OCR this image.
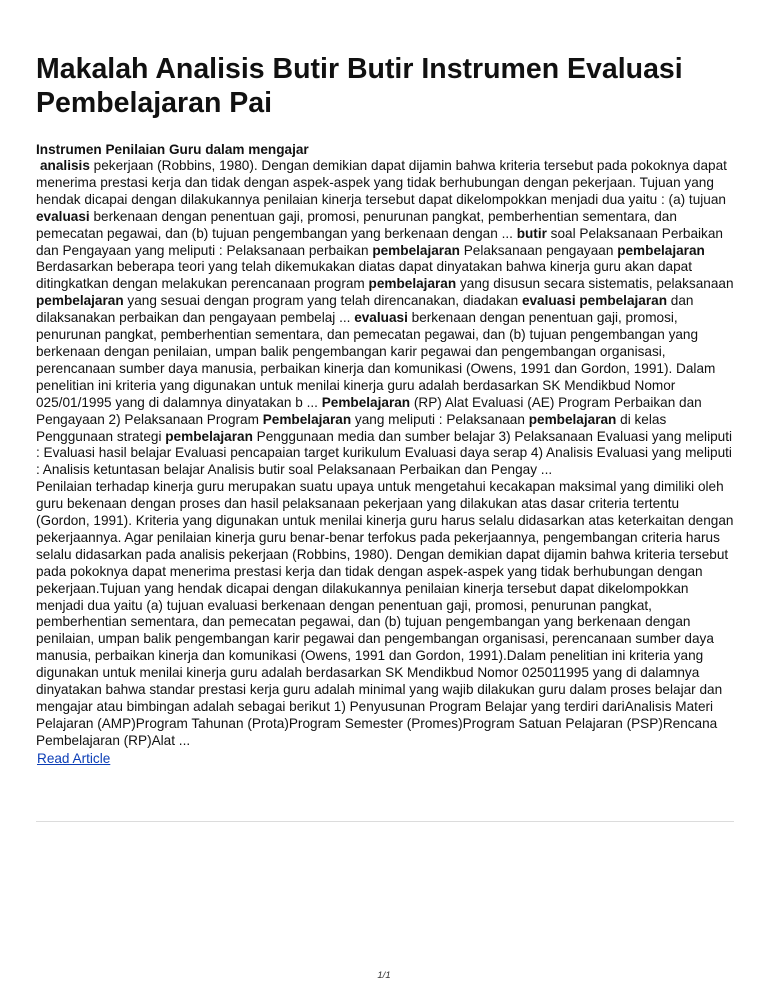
Makalah Analisis Butir Butir Instrumen Evaluasi Pembelajaran Pai
Instrumen Penilaian Guru dalam mengajar

analisis pekerjaan (Robbins, 1980). Dengan demikian dapat dijamin bahwa kriteria tersebut pada pokoknya dapat menerima prestasi kerja dan tidak dengan aspek-aspek yang tidak berhubungan dengan pekerjaan. Tujuan yang hendak dicapai dengan dilakukannya penilaian kinerja tersebut dapat dikelompokkan menjadi dua yaitu : (a) tujuan evaluasi berkenaan dengan penentuan gaji, promosi, penurunan pangkat, pemberhentian sementara, dan pemecatan pegawai, dan (b) tujuan pengembangan yang berkenaan dengan ... butir soal Pelaksanaan Perbaikan dan Pengayaan yang meliputi : Pelaksanaan perbaikan pembelajaran Pelaksanaan pengayaan pembelajaran Berdasarkan beberapa teori yang telah dikemukakan diatas dapat dinyatakan bahwa kinerja guru akan dapat ditingkatkan dengan melakukan perencanaan program pembelajaran yang disusun secara sistematis, pelaksanaan pembelajaran yang sesuai dengan program yang telah direncanakan, diadakan evaluasi pembelajaran dan dilaksanakan perbaikan dan pengayaan pembelaj ... evaluasi berkenaan dengan penentuan gaji, promosi, penurunan pangkat, pemberhentian sementara, dan pemecatan pegawai, dan (b) tujuan pengembangan yang berkenaan dengan penilaian, umpan balik pengembangan karir pegawai dan pengembangan organisasi, perencanaan sumber daya manusia, perbaikan kinerja dan komunikasi (Owens, 1991 dan Gordon, 1991). Dalam penelitian ini kriteria yang digunakan untuk menilai kinerja guru adalah berdasarkan SK Mendikbud Nomor 025/01/1995 yang di dalamnya dinyatakan b ... Pembelajaran (RP) Alat Evaluasi (AE) Program Perbaikan dan Pengayaan 2) Pelaksanaan Program Pembelajaran yang meliputi : Pelaksanaan pembelajaran di kelas Penggunaan strategi pembelajaran Penggunaan media dan sumber belajar 3) Pelaksanaan Evaluasi yang meliputi : Evaluasi hasil belajar Evaluasi pencapaian target kurikulum Evaluasi daya serap 4) Analisis Evaluasi yang meliputi : Analisis ketuntasan belajar Analisis butir soal Pelaksanaan Perbaikan dan Pengay ...

Penilaian terhadap kinerja guru merupakan suatu upaya untuk mengetahui kecakapan maksimal yang dimiliki oleh guru bekenaan dengan proses dan hasil pelaksanaan pekerjaan yang dilakukan atas dasar criteria tertentu (Gordon, 1991). Kriteria yang digunakan untuk menilai kinerja guru harus selalu didasarkan atas keterkaitan dengan pekerjaannya. Agar penilaian kinerja guru benar-benar terfokus pada pekerjaannya, pengembangan criteria harus selalu didasarkan pada analisis pekerjaan (Robbins, 1980). Dengan demikian dapat dijamin bahwa kriteria tersebut pada pokoknya dapat menerima prestasi kerja dan tidak dengan aspek-aspek yang tidak berhubungan dengan pekerjaan.Tujuan yang hendak dicapai dengan dilakukannya penilaian kinerja tersebut dapat dikelompokkan menjadi dua yaitu (a) tujuan evaluasi berkenaan dengan penentuan gaji, promosi, penurunan pangkat, pemberhentian sementara, dan pemecatan pegawai, dan (b) tujuan pengembangan yang berkenaan dengan penilaian, umpan balik pengembangan karir pegawai dan pengembangan organisasi, perencanaan sumber daya manusia, perbaikan kinerja dan komunikasi (Owens, 1991 dan Gordon, 1991).Dalam penelitian ini kriteria yang digunakan untuk menilai kinerja guru adalah berdasarkan SK Mendikbud Nomor 025011995 yang di dalamnya dinyatakan bahwa standar prestasi kerja guru adalah minimal yang wajib dilakukan guru dalam proses belajar dan mengajar atau bimbingan adalah sebagai berikut 1) Penyusunan Program Belajar yang terdiri dariAnalisis Materi Pelajaran (AMP)Program Tahunan (Prota)Program Semester (Promes)Program Satuan Pelajaran (PSP)Rencana Pembelajaran (RP)Alat ...

Read Article
1/1
